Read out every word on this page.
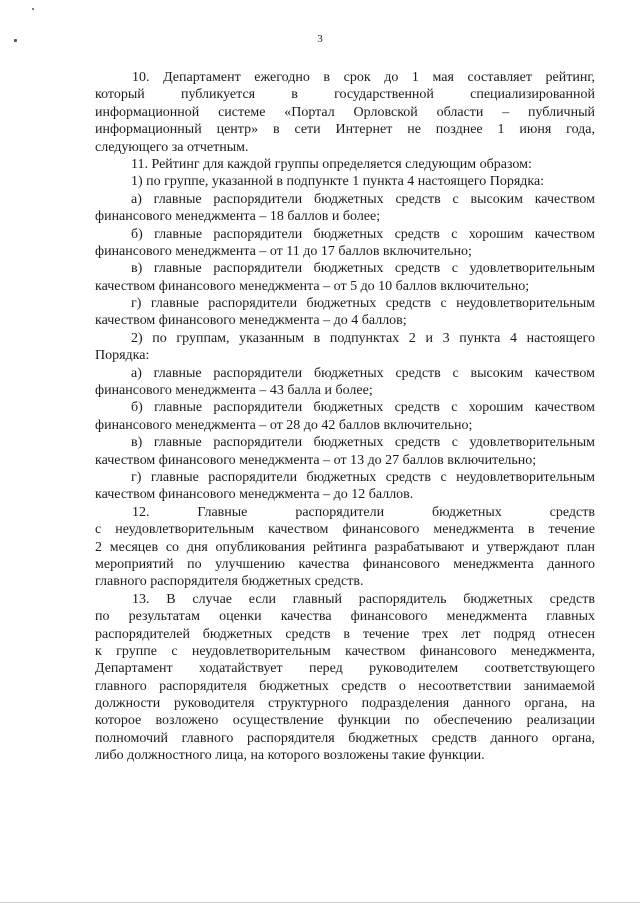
3
10. Департамент ежегодно в срок до 1 мая составляет рейтинг,
который публикуется в государственной специализированной
информационной системе «Портал Орловской области – публичный
информационный центр» в сети Интернет не позднее 1 июня года,
следующего за отчетным.
11. Рейтинг для каждой группы определяется следующим образом:
1) по группе, указанной в подпункте 1 пункта 4 настоящего Порядка:
а) главные распорядители бюджетных средств с высоким качеством
финансового менеджмента – 18 баллов и более;
б) главные распорядители бюджетных средств с хорошим качеством
финансового менеджмента – от 11 до 17 баллов включительно;
в) главные распорядители бюджетных средств с удовлетворительным
качеством финансового менеджмента – от 5 до 10 баллов включительно;
г) главные распорядители бюджетных средств с неудовлетворительным
качеством финансового менеджмента – до 4 баллов;
2) по группам, указанным в подпунктах 2 и 3 пункта 4 настоящего
Порядка:
а) главные распорядители бюджетных средств с высоким качеством
финансового менеджмента – 43 балла и более;
б) главные распорядители бюджетных средств с хорошим качеством
финансового менеджмента – от 28 до 42 баллов включительно;
в) главные распорядители бюджетных средств с удовлетворительным
качеством финансового менеджмента – от 13 до 27 баллов включительно;
г) главные распорядители бюджетных средств с неудовлетворительным
качеством финансового менеджмента – до 12 баллов.
12. Главные распорядители бюджетных средств
с неудовлетворительным качеством финансового менеджмента в течение
2 месяцев со дня опубликования рейтинга разрабатывают и утверждают план
мероприятий по улучшению качества финансового менеджмента данного
главного распорядителя бюджетных средств.
13. В случае если главный распорядитель бюджетных средств
по результатам оценки качества финансового менеджмента главных
распорядителей бюджетных средств в течение трех лет подряд отнесен
к группе с неудовлетворительным качеством финансового менеджмента,
Департамент ходатайствует перед руководителем соответствующего
главного распорядителя бюджетных средств о несоответствии занимаемой
должности руководителя структурного подразделения данного органа, на
которое возложено осуществление функции по обеспечению реализации
полномочий главного распорядителя бюджетных средств данного органа,
либо должностного лица, на которого возложены такие функции.
